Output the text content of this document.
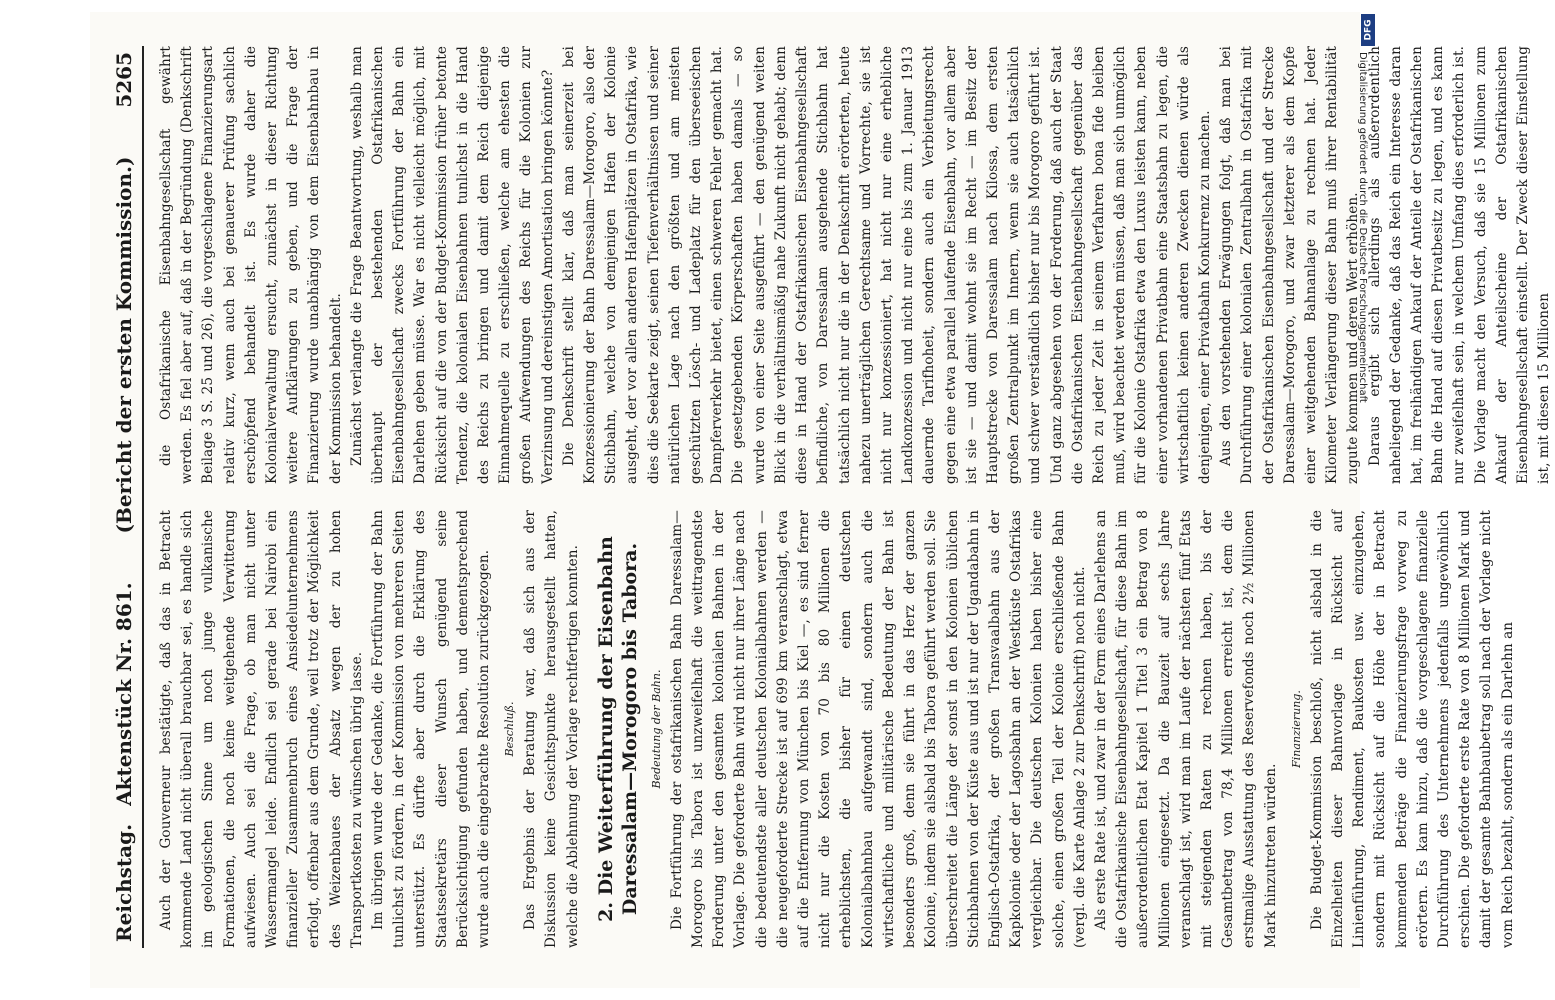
Reichstag.
Aktenstück Nr. 861.
(Bericht der ersten Kommission.)
5265

Auch der Gouverneur bestätigte, daß das in Betracht kommende Land nicht überall brauchbar sei, es handle sich im geologischen Sinne um noch junge vulkanische Formationen, die noch keine weitgehende Verwitterung aufwiesen. Auch sei die Frage, ob man nicht unter Wassermangel leide. Endlich sei gerade bei Nairobi ein finanzieller Zusammenbruch eines Ansiedelunternehmens erfolgt, offenbar aus dem Grunde, weil trotz der Möglichkeit des Weizenbaues der Absatz wegen der zu hohen Transportkosten zu wünschen übrig lasse. Im übrigen wurde der Gedanke, die Fortführung der Bahn tunlichst zu fördern, in der Kommission von mehreren Seiten unterstützt. Es dürfte aber durch die Erklärung des Staatssekretärs dieser Wunsch genügend seine Berücksichtigung gefunden haben, und dementsprechend wurde auch die eingebrachte Resolution zurückgezogen. Beschluß. Das Ergebnis der Beratung war, daß sich aus der Diskussion keine Gesichtspunkte herausgestellt hatten, welche die Ablehnung der Vorlage rechtfertigen konnten. 2. Die Weiterführung der Eisenbahn Daressalam—Morogoro bis Tabora. Bedeutung der Bahn. Die Fortführung der ostafrikanischen Bahn Daressalam—Morogoro bis Tabora ist unzweifelhaft die weittragendste Forderung unter den gesamten kolonialen Bahnen in der Vorlage. Die geforderte Bahn wird nicht nur ihrer Länge nach die bedeutendste aller deutschen Kolonialbahnen werden — die neugeforderte Strecke ist auf 699 km veranschlagt, etwa auf die Entfernung von München bis Kiel —, es sind ferner nicht nur die Kosten von 70 bis 80 Millionen die erheblichsten, die bisher für einen deutschen Kolonialbahnbau aufgewandt sind, sondern auch die wirtschaftliche und militärische Bedeutung der Bahn ist besonders groß, denn sie führt in das Herz der ganzen Kolonie, indem sie alsbald bis Tabora geführt werden soll. Sie überschreitet die Länge der sonst in den Kolonien üblichen Stichbahnen von der Küste aus und ist nur der Ugandabahn in Englisch-Ostafrika, der großen Transvaalbahn aus der Kapkolonie oder der Lagosbahn an der Westküste Ostafrikas vergleichbar. Die deutschen Kolonien haben bisher eine solche, einen großen Teil der Kolonie erschließende Bahn (vergl. die Karte Anlage 2 zur Denkschrift) noch nicht. Als erste Rate ist, und zwar in der Form eines Darlehens an die Ostafrikanische Eisenbahngesellschaft, für diese Bahn im außerordentlichen Etat Kapitel 1 Titel 3 ein Betrag von 8 Millionen eingesetzt. Da die Bauzeit auf sechs Jahre veranschlagt ist, wird man im Laufe der nächsten fünf Etats mit steigenden Raten zu rechnen haben, bis der Gesamtbetrag von 78,4 Millionen erreicht ist, dem die erstmalige Ausstattung des Reservefonds noch 2½ Millionen Mark hinzutreten würden.

Finanzierung. Die Budget-Kommission beschloß, nicht alsbald in die Einzelheiten dieser Bahnvorlage in Rücksicht auf Linienführung, Rendiment, Baukosten usw. einzugehen, sondern mit Rücksicht auf die Höhe der in Betracht kommenden Beträge die Finanzierungsfrage vorweg zu erörtern. Es kam hinzu, daß die vorgeschlagene finanzielle Durchführung des Unternehmens jedenfalls ungewöhnlich erschien. Die geforderte erste Rate von 8 Millionen Mark und damit der gesamte Bahnbaubetrag soll nach der Vorlage nicht vom Reich bezahlt, sondern als ein Darlehn an

die Ostafrikanische Eisenbahngesellschaft gewährt werden. Es fiel aber auf, daß in der Begründung (Denkschrift Beilage 3 S. 25 und 26), die vorgeschlagene Finanzierungsart relativ kurz, wenn auch bei genauerer Prüfung sachlich erschöpfend behandelt ist. Es wurde daher die Kolonialverwaltung ersucht, zunächst in dieser Richtung weitere Aufklärungen zu geben, und die Frage der Finanzierung wurde unabhängig von dem Eisenbahnbau in der Kommission behandelt. Zunächst verlangte die Frage Beantwortung, weshalb man überhaupt der bestehenden Ostafrikanischen Eisenbahngesellschaft zwecks Fortführung der Bahn ein Darlehen geben müsse. War es nicht vielleicht möglich, mit Rücksicht auf die von der Budget-Kommission früher betonte Tendenz, die kolonialen Eisenbahnen tunlichst in die Hand des Reichs zu bringen und damit dem Reich diejenige Einnahmequelle zu erschließen, welche am ehesten die großen Aufwendungen des Reichs für die Kolonien zur Verzinsung und dereinstigen Amortisation bringen könnte? Die Denkschrift stellt klar, daß man seinerzeit bei Konzessionierung der Bahn Daressalam—Morogoro, also der Stichbahn, welche von demjenigen Hafen der Kolonie ausgeht, der vor allen anderen Hafenplätzen in Ostafrika, wie dies die Seekarte zeigt, seinen Tiefenverhältnissen und seiner natürlichen Lage nach den größten und am meisten geschützten Lösch- und Ladeplatz für den überseeischen Dampferverkehr bietet, einen schweren Fehler gemacht hat. Die gesetzgebenden Körperschaften haben damals — so wurde von einer Seite ausgeführt — den genügend weiten Blick in die verhältnismäßig nahe Zukunft nicht gehabt; denn diese in Hand der Ostafrikanischen Eisenbahngesellschaft befindliche, von Daressalam ausgehende Stichbahn hat tatsächlich nicht nur die in der Denkschrift erörterten, heute nahezu unerträglichen Gerechtsame und Vorrechte, sie ist nicht nur konzessioniert, hat nicht nur eine erhebliche Landkonzession und nicht nur eine bis zum 1. Januar 1913 dauernde Tarifhoheit, sondern auch ein Verbietungsrecht gegen eine etwa parallel laufende Eisenbahn, vor allem aber ist sie — und damit wohnt sie im Recht — im Besitz der Hauptstrecke von Daressalam nach Kilossa, dem ersten großen Zentralpunkt im Innern, wenn sie auch tatsächlich und schwer verständlich bisher nur bis Morogoro geführt ist. Und ganz abgesehen von der Forderung, daß auch der Staat die Ostafrikanischen Eisenbahngesellschaft gegenüber das Reich zu jeder Zeit in seinem Verfahren bona fide bleiben muß, wird beachtet werden müssen, daß man sich unmöglich für die Kolonie Ostafrika etwa den Luxus leisten kann, neben einer vorhandenen Privatbahn eine Staatsbahn zu legen, die wirtschaftlich keinen anderen Zwecken dienen würde als denjenigen, einer Privatbahn Konkurrenz zu machen. Aus den vorstehenden Erwägungen folgt, daß man bei Durchführung einer kolonialen Zentralbahn in Ostafrika mit der Ostafrikanischen Eisenbahngesellschaft und der Strecke Daressalam—Morogoro, und zwar letzterer als dem Kopfe einer weitgehenden Bahnanlage zu rechnen hat. Jeder Kilometer Verlängerung dieser Bahn muß ihrer Rentabilität zugute kommen und deren Wert erhöhen. Daraus ergibt sich allerdings als außerordentlich naheliegend der Gedanke, daß das Reich ein Interesse daran hat, im freihändigen Ankauf der Anteile der Ostafrikanischen Bahn die Hand auf diesen Privatbesitz zu legen, und es kann nur zweifelhaft sein, in welchem Umfang dies erforderlich ist. Die Vorlage macht den Versuch, daß sie 15 Millionen zum Ankauf der Anteilscheine der Ostafrikanischen Eisenbahngesellschaft einstellt. Der Zweck dieser Einstellung ist, mit diesen 15 Millionen

DFG
Digitalisierung gefördert durch die Deutsche Forschungsgemeinschaft
